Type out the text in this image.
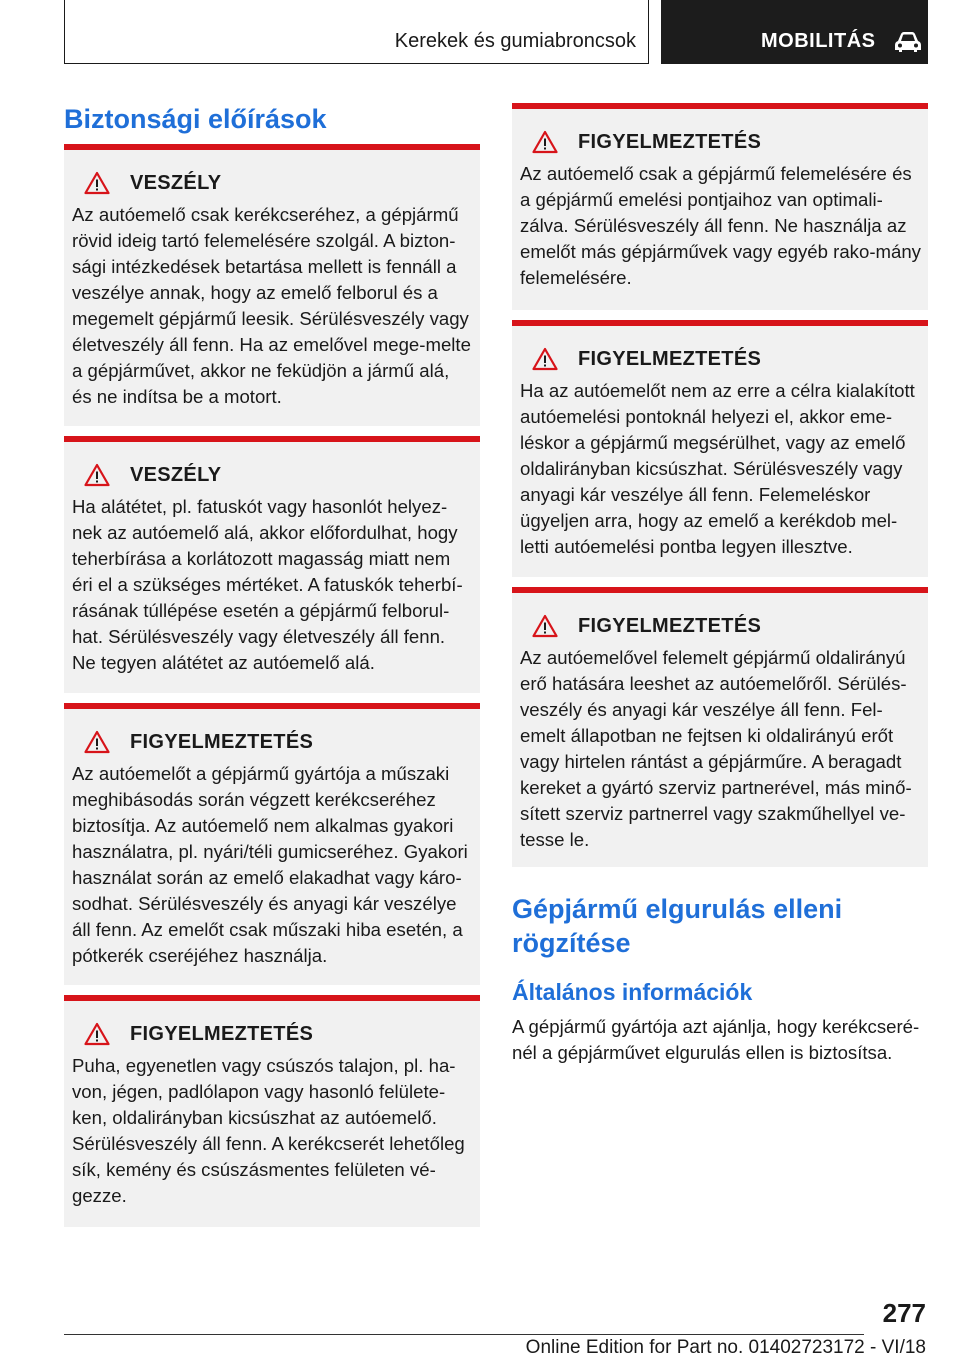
Kerekek és gumiabroncsok	MOBILITÁS
Biztonsági előírások
VESZÉLY
Az autóemelő csak kerékcseréhez, a gépjármű rövid ideig tartó felemelésére szolgál. A bizton-sági intézkedések betartása mellett is fennáll a veszélye annak, hogy az emelő felborul és a megemelt gépjármű leesik. Sérülésveszély vagy életveszély áll fenn. Ha az emelővel mege-melte a gépjárművet, akkor ne feküdjön a jármű alá, és ne indítsa be a motort.
VESZÉLY
Ha alátétet, pl. fatuskót vagy hasonlót helyez-nek az autóemelő alá, akkor előfordulhat, hogy teherbírása a korlátozott magasság miatt nem éri el a szükséges mértéket. A fatuskók teherbí-rásának túllépése esetén a gépjármű felborul-hat. Sérülésveszély vagy életveszély áll fenn. Ne tegyen alátétet az autóemelő alá.
FIGYELMEZTETÉS
Az autóemelőt a gépjármű gyártója a műszaki meghibásodás során végzett kerékcseréhez biztosítja. Az autóemelő nem alkalmas gyakori használatra, pl. nyári/téli gumicseréhez. Gyakori használat során az emelő elakadhat vagy káro-sodhat. Sérülésveszély és anyagi kár veszélye áll fenn. Az emelőt csak műszaki hiba esetén, a pótkerék cseréjéhez használja.
FIGYELMEZTETÉS
Puha, egyenetlen vagy csúszós talajon, pl. ha-von, jégen, padlólapon vagy hasonló felülete-ken, oldalirányban kicsúszhat az autóemelő. Sérülésveszély áll fenn. A kerékcserét lehetőleg sík, kemény és csúszásmentes felületen vé-gezze.
FIGYELMEZTETÉS
Az autóemelő csak a gépjármű felemelésére és a gépjármű emelési pontjaihoz van optimali-zálva. Sérülésveszély áll fenn. Ne használja az emelőt más gépjárművek vagy egyéb rako-mány felemelésére.
FIGYELMEZTETÉS
Ha az autóemelőt nem az erre a célra kialakított autóemelési pontoknál helyezi el, akkor eme-léskor a gépjármű megsérülhet, vagy az emelő oldalirányban kicsúszhat. Sérülésveszély vagy anyagi kár veszélye áll fenn. Felemeléskor ügyeljen arra, hogy az emelő a kerékdob mel-letti autóemelési pontba legyen illesztve.
FIGYELMEZTETÉS
Az autóemelővel felemelt gépjármű oldalirányú erő hatására leeshet az autóemelőről. Sérülés-veszély és anyagi kár veszélye áll fenn. Fel-emelt állapotban ne fejtsen ki oldalirányú erőt vagy hirtelen rántást a gépjárműre. A beragadt kereket a gyártó szerviz partnerével, más minő-sített szerviz partnerrel vagy szakműhellyel ve-tesse le.
Gépjármű elgurulás elleni rögzítése
Általános információk
A gépjármű gyártója azt ajánlja, hogy kerékcseré-nél a gépjárművet elgurulás ellen is biztosítsa.
277
Online Edition for Part no. 01402723172 - VI/18
